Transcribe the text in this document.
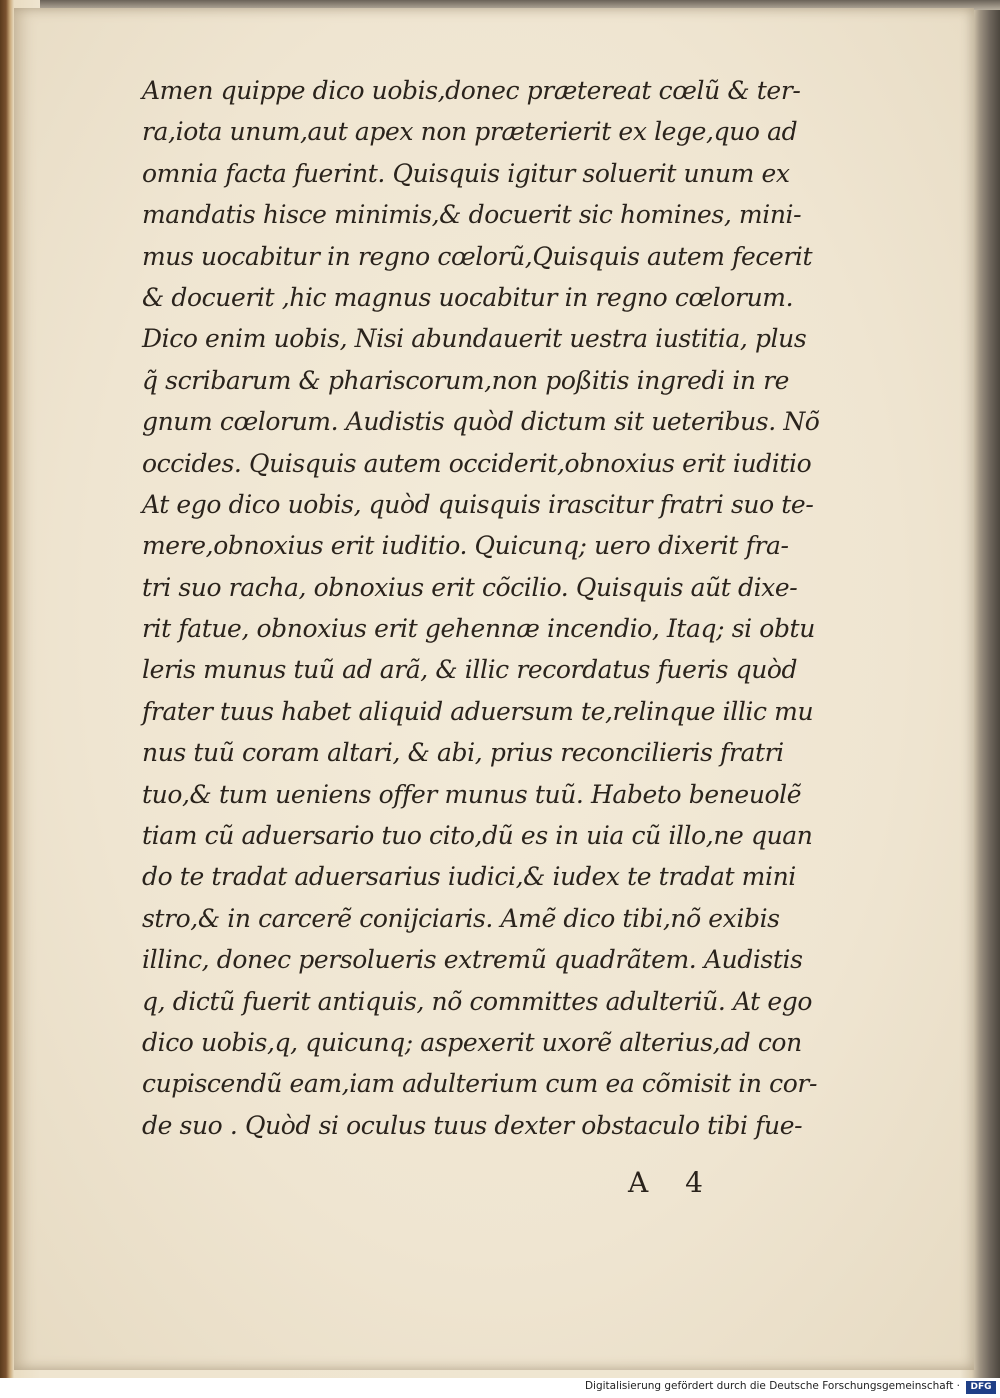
Amen quippe dico uobis,donec prætereat cœlũ & ter-
ra,iota unum,aut apex non præterierit ex lege,quo ad
omnia facta fuerint. Quisquis igitur soluerit unum ex
mandatis hisce minimis,& docuerit sic homines, mini-
mus uocabitur in regno cœlorũ,Quisquis autem fecerit
& docuerit ,hic magnus uocabitur in regno cœlorum.
Dico enim uobis, Nisi abundauerit uestra iustitia, plus
q̃ scribarum & phariscorum,non poßitis ingredi in re
gnum cœlorum. Audistis quòd dictum sit ueteribus. Nõ
occides. Quisquis autem occiderit,obnoxius erit iuditio
At ego dico uobis, quòd quisquis irascitur fratri suo te-
mere,obnoxius erit iuditio. Quicunq; uero dixerit fra-
tri suo racha, obnoxius erit cõcilio. Quisquis aũt dixe-
rit fatue, obnoxius erit gehennæ incendio, Itaq; si obtu
leris munus tuũ ad arã, & illic recordatus fueris quòd
frater tuus habet aliquid aduersum te,relinque illic mu
nus tuũ coram altari, & abi, prius reconcilieris fratri
tuo,& tum ueniens offer munus tuũ. Habeto beneuolẽ
tiam cũ aduersario tuo cito,dũ es in uia cũ illo,ne quan
do te tradat aduersarius iudici,& iudex te tradat mini
stro,& in carcerẽ conijciaris. Amẽ dico tibi,nõ exibis
illinc, donec persolueris extremũ quadrãtem. Audistis
q, dictũ fuerit antiquis, nõ committes adulteriũ. At ego
dico uobis,q, quicunq; aspexerit uxorẽ alterius,ad con
cupiscendũ eam,iam adulterium cum ea cõmisit in cor-
de suo . Quòd si oculus tuus dexter obstaculo tibi fue-
A 4
Digitalisierung gefördert durch die Deutsche Forschungsgemeinschaft ·	DFG
